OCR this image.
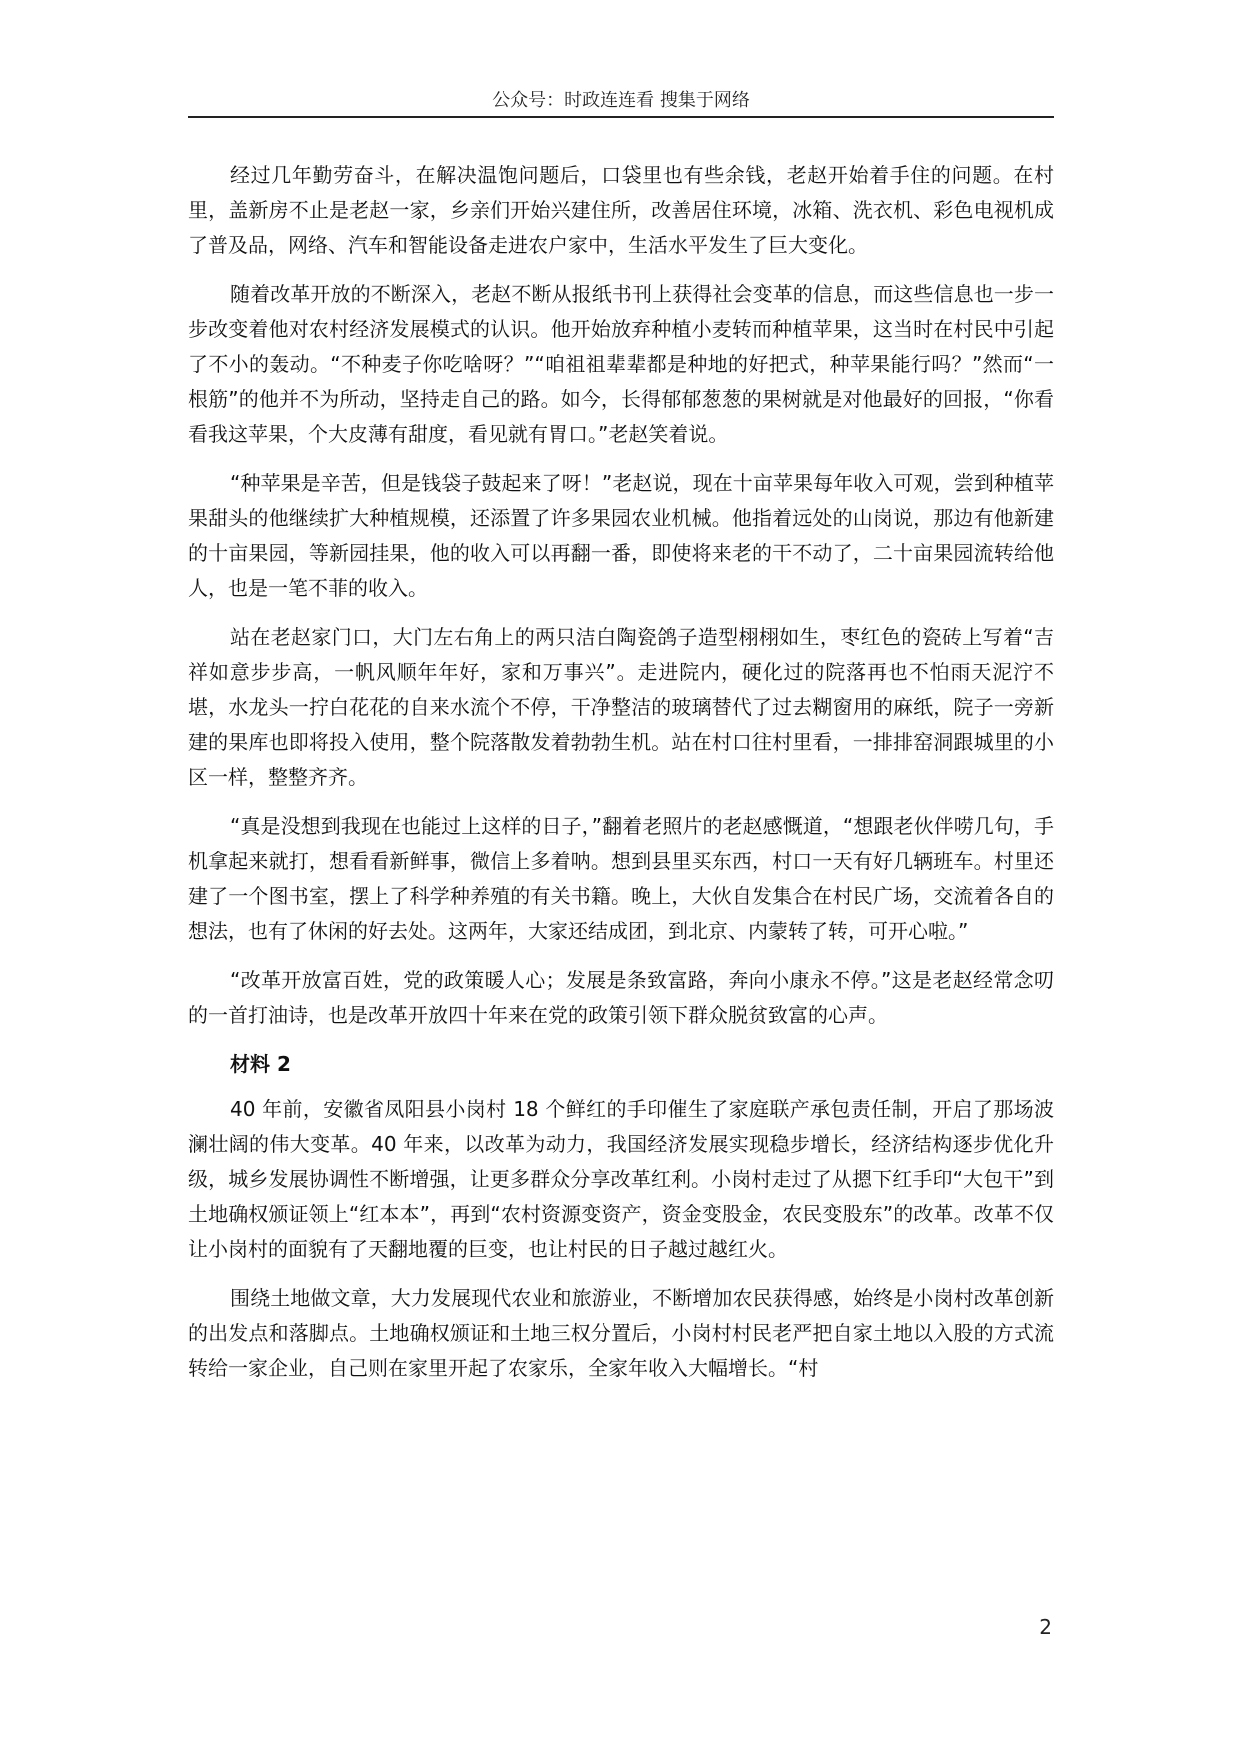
公众号：时政连连看 搜集于网络

经过几年勤劳奋斗，在解决温饱问题后，口袋里也有些余钱，老赵开始着手住的问题。在村里，盖新房不止是老赵一家，乡亲们开始兴建住所，改善居住环境，冰箱、洗衣机、彩色电视机成了普及品，网络、汽车和智能设备走进农户家中，生活水平发生了巨大变化。

随着改革开放的不断深入，老赵不断从报纸书刊上获得社会变革的信息，而这些信息也一步一步改变着他对农村经济发展模式的认识。他开始放弃种植小麦转而种植苹果，这当时在村民中引起了不小的轰动。“不种麦子你吃啥呀？”“咱祖祖辈辈都是种地的好把式，种苹果能行吗？”然而“一根筋”的他并不为所动，坚持走自己的路。如今，长得郁郁葱葱的果树就是对他最好的回报，“你看看我这苹果，个大皮薄有甜度，看见就有胃口。”老赵笑着说。

“种苹果是辛苦，但是钱袋子鼓起来了呀！”老赵说，现在十亩苹果每年收入可观，尝到种植苹果甜头的他继续扩大种植规模，还添置了许多果园农业机械。他指着远处的山岗说，那边有他新建的十亩果园，等新园挂果，他的收入可以再翻一番，即使将来老的干不动了，二十亩果园流转给他人，也是一笔不菲的收入。

站在老赵家门口，大门左右角上的两只洁白陶瓷鸽子造型栩栩如生，枣红色的瓷砖上写着“吉祥如意步步高，一帆风顺年年好，家和万事兴”。走进院内，硬化过的院落再也不怕雨天泥泞不堪，水龙头一拧白花花的自来水流个不停，干净整洁的玻璃替代了过去糊窗用的麻纸，院子一旁新建的果库也即将投入使用，整个院落散发着勃勃生机。站在村口往村里看，一排排窑洞跟城里的小区一样，整整齐齐。

“真是没想到我现在也能过上这样的日子，”翻着老照片的老赵感慨道，“想跟老伙伴唠几句，手机拿起来就打，想看看新鲜事，微信上多着呐。想到县里买东西，村口一天有好几辆班车。村里还建了一个图书室，摆上了科学种养殖的有关书籍。晚上，大伙自发集合在村民广场，交流着各自的想法，也有了休闲的好去处。这两年，大家还结成团，到北京、内蒙转了转，可开心啦。”

“改革开放富百姓，党的政策暖人心；发展是条致富路，奔向小康永不停。”这是老赵经常念叨的一首打油诗，也是改革开放四十年来在党的政策引领下群众脱贫致富的心声。

材料 2

40 年前，安徽省凤阳县小岗村 18 个鲜红的手印催生了家庭联产承包责任制，开启了那场波澜壮阔的伟大变革。40 年来，以改革为动力，我国经济发展实现稳步增长，经济结构逐步优化升级，城乡发展协调性不断增强，让更多群众分享改革红利。小岗村走过了从摁下红手印“大包干”到土地确权颁证领上“红本本”，再到“农村资源变资产，资金变股金，农民变股东”的改革。改革不仅让小岗村的面貌有了天翻地覆的巨变，也让村民的日子越过越红火。

围绕土地做文章，大力发展现代农业和旅游业，不断增加农民获得感，始终是小岗村改革创新的出发点和落脚点。土地确权颁证和土地三权分置后，小岗村村民老严把自家土地以入股的方式流转给一家企业，自己则在家里开起了农家乐，全家年收入大幅增长。“村

2
